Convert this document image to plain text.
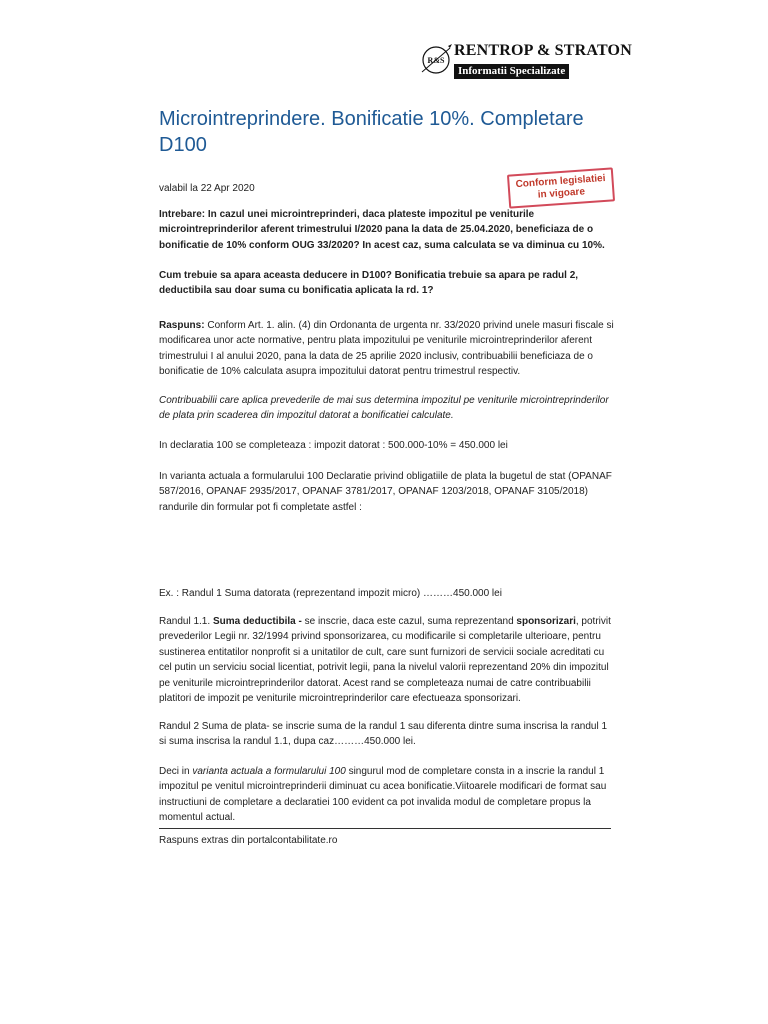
R&S
RENTROP & STRATON
Informatii Specializate
Microintreprindere. Bonificatie 10%. Completare D100
valabil la 22 Apr 2020	Conform legislatiei
in vigoare

Intrebare: In cazul unei microintreprinderi, daca plateste impozitul pe veniturile microintreprinderilor aferent trimestrului I/2020 pana la data de 25.04.2020, beneficiaza de o bonificatie de 10% conform OUG 33/2020? In acest caz, suma calculata se va diminua cu 10%.

Cum trebuie sa apara aceasta deducere in D100? Bonificatia trebuie sa apara pe radul 2, deductibila sau doar suma cu bonificatia aplicata la rd. 1?

Raspuns: Conform Art. 1. alin. (4) din Ordonanta de urgenta nr. 33/2020 privind unele masuri fiscale si modificarea unor acte normative, pentru plata impozitului pe veniturile microintreprinderilor aferent trimestrului I al anului 2020, pana la data de 25 aprilie 2020 inclusiv, contribuabilii beneficiaza de o bonificatie de 10% calculata asupra impozitului datorat pentru trimestrul respectiv.

Contribuabilii care aplica prevederile de mai sus determina impozitul pe veniturile microintreprinderilor de plata prin scaderea din impozitul datorat a bonificatiei calculate.

In declaratia 100 se completeaza : impozit datorat : 500.000-10% = 450.000 lei

In varianta actuala a formularului 100 Declaratie privind obligatiile de plata la bugetul de stat (OPANAF 587/2016, OPANAF 2935/2017, OPANAF 3781/2017, OPANAF 1203/2018, OPANAF 3105/2018) randurile din formular pot fi completate astfel :

Ex. : Randul 1 Suma datorata (reprezentand impozit micro) ………450.000 lei

Randul 1.1. Suma deductibila - se inscrie, daca este cazul, suma reprezentand sponsorizari, potrivit prevederilor Legii nr. 32/1994 privind sponsorizarea, cu modificarile si completarile ulterioare, pentru sustinerea entitatilor nonprofit si a unitatilor de cult, care sunt furnizori de servicii sociale acreditati cu cel putin un serviciu social licentiat, potrivit legii, pana la nivelul valorii reprezentand 20% din impozitul pe veniturile microintreprinderilor datorat. Acest rand se completeaza numai de catre contribuabilii platitori de impozit pe veniturile microintreprinderilor care efectueaza sponsorizari.

Randul 2 Suma de plata- se inscrie suma de la randul 1 sau diferenta dintre suma inscrisa la randul 1 si suma inscrisa la randul 1.1, dupa caz………450.000 lei.

Deci in varianta actuala a formularului 100 singurul mod de completare consta in a inscrie la randul 1 impozitul pe venitul microintreprinderii diminuat cu acea bonificatie.Viitoarele modificari de format sau instructiuni de completare a declaratiei 100 evident ca pot invalida modul de completare propus la momentul actual.

Raspuns extras din portalcontabilitate.ro
